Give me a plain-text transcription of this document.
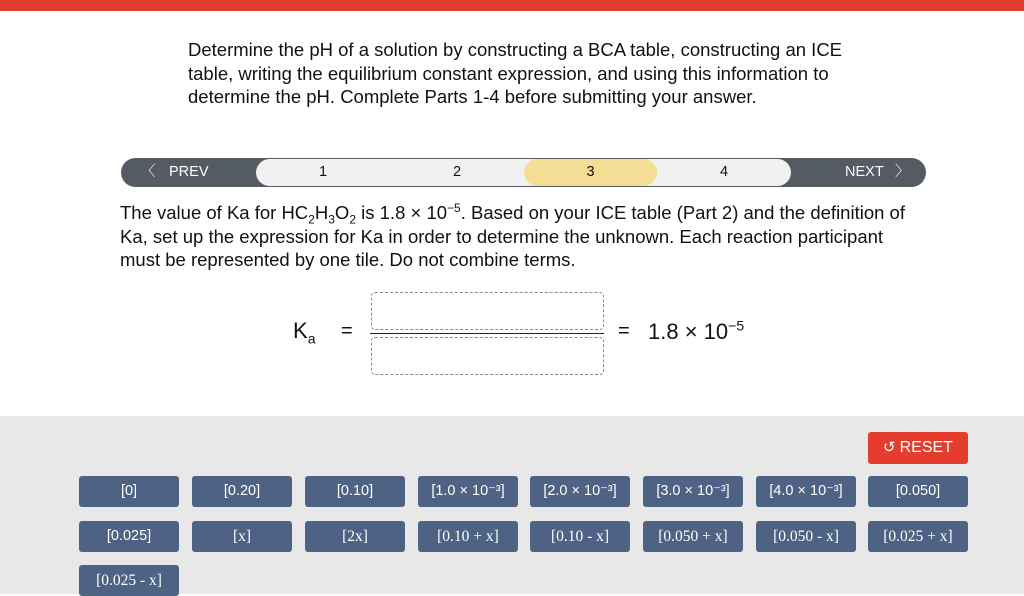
Determine the pH of a solution by constructing a BCA table, constructing an ICE table, writing the equilibrium constant expression, and using this information to determine the pH. Complete Parts 1-4 before submitting your answer.

〈 PREV	1	2	3	4	NEXT 〉

The value of Ka for $HC_2H_3O_2$ is $1.8 \times 10^{-5}$. Based on your ICE table (Part 2) and the definition of Ka, set up the expression for Ka in order to determine the unknown. Each reaction participant must be represented by one tile. Do not combine terms.

$K_a$ =	= $1.8 \times 10^{-5}$
↺ RESET
[0]	[0.20]	[0.10]	[1.0 × 10⁻³]	[2.0 × 10⁻³]	[3.0 × 10⁻³]	[4.0 × 10⁻³]	[0.050]
[0.025]	[x]	[2x]	[0.10 + x]	[0.10 - x]	[0.050 + x]	[0.050 - x]	[0.025 + x]
[0.025 - x]
